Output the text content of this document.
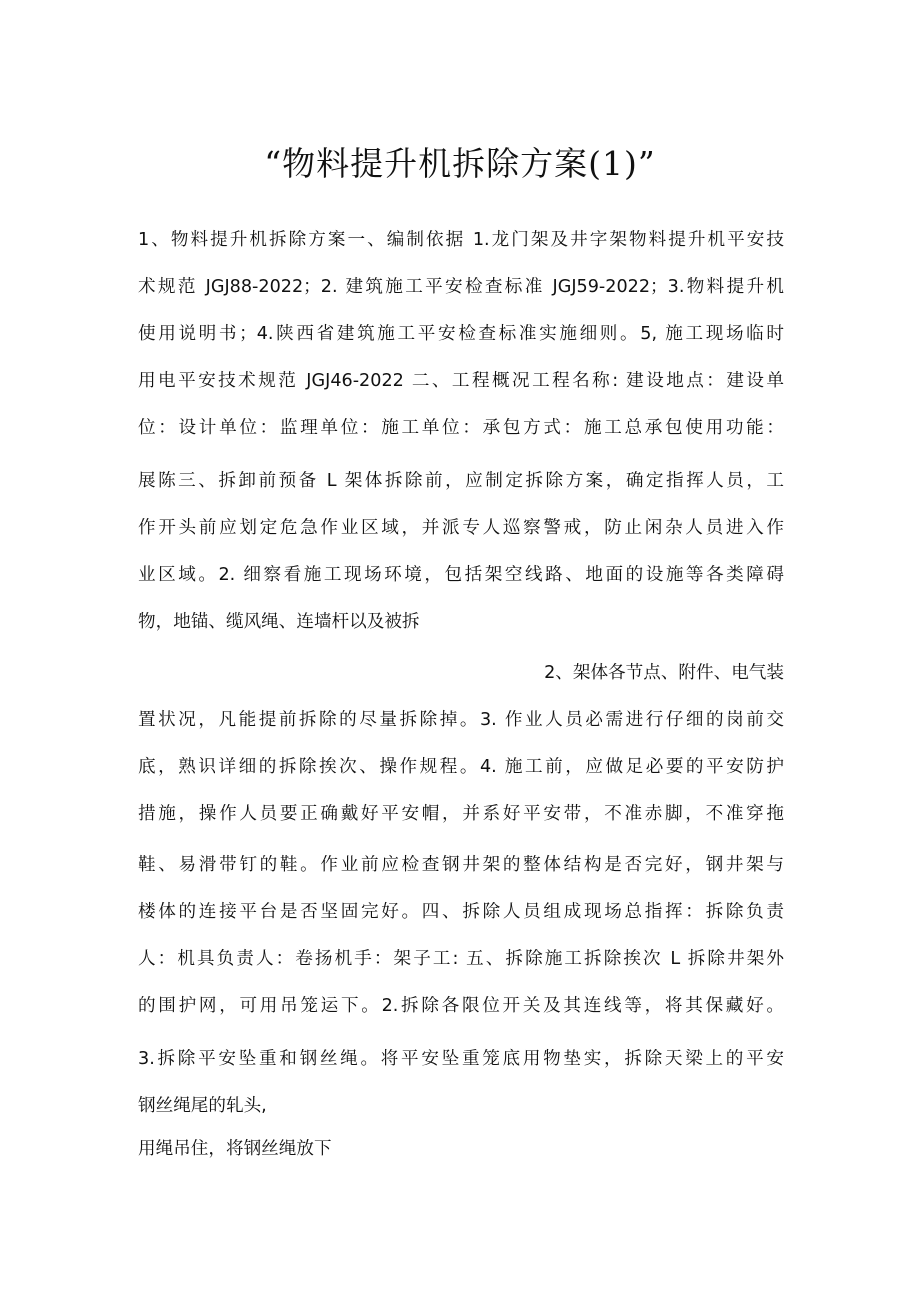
“物料提升机拆除方案(1)”
1、物料提升机拆除方案一、编制依据 1.龙门架及井字架物料提升机平安技
术规范 JGJ88-2022；2. 建筑施工平安检查标准 JGJ59-2022；3.物料提升机
使用说明书；4.陕西省建筑施工平安检查标准实施细则。5, 施工现场临时
用电平安技术规范 JGJ46-2022 二、工程概况工程名称: 建设地点：建设单
位：设计单位：监理单位：施工单位：承包方式：施工总承包使用功能：
展陈三、拆卸前预备 L 架体拆除前，应制定拆除方案，确定指挥人员，工
作开头前应划定危急作业区域，并派专人巡察警戒，防止闲杂人员进入作
业区域。2. 细察看施工现场环境，包括架空线路、地面的设施等各类障碍
物，地锚、缆风绳、连墙杆以及被拆
2、架体各节点、附件、电气装
置状况，凡能提前拆除的尽量拆除掉。3. 作业人员必需进行仔细的岗前交
底，熟识详细的拆除挨次、操作规程。4. 施工前，应做足必要的平安防护
措施，操作人员要正确戴好平安帽，并系好平安带，不准赤脚，不准穿拖
鞋、易滑带钉的鞋。作业前应检查钢井架的整体结构是否完好，钢井架与
楼体的连接平台是否坚固完好。四、拆除人员组成现场总指挥：拆除负责
人：机具负责人：卷扬机手：架子工: 五、拆除施工拆除挨次 L 拆除井架外
的围护网，可用吊笼运下。2.拆除各限位开关及其连线等，将其保藏好。
3.拆除平安坠重和钢丝绳。将平安坠重笼底用物垫实，拆除天梁上的平安
钢丝绳尾的轧头,
用绳吊住，将钢丝绳放下
